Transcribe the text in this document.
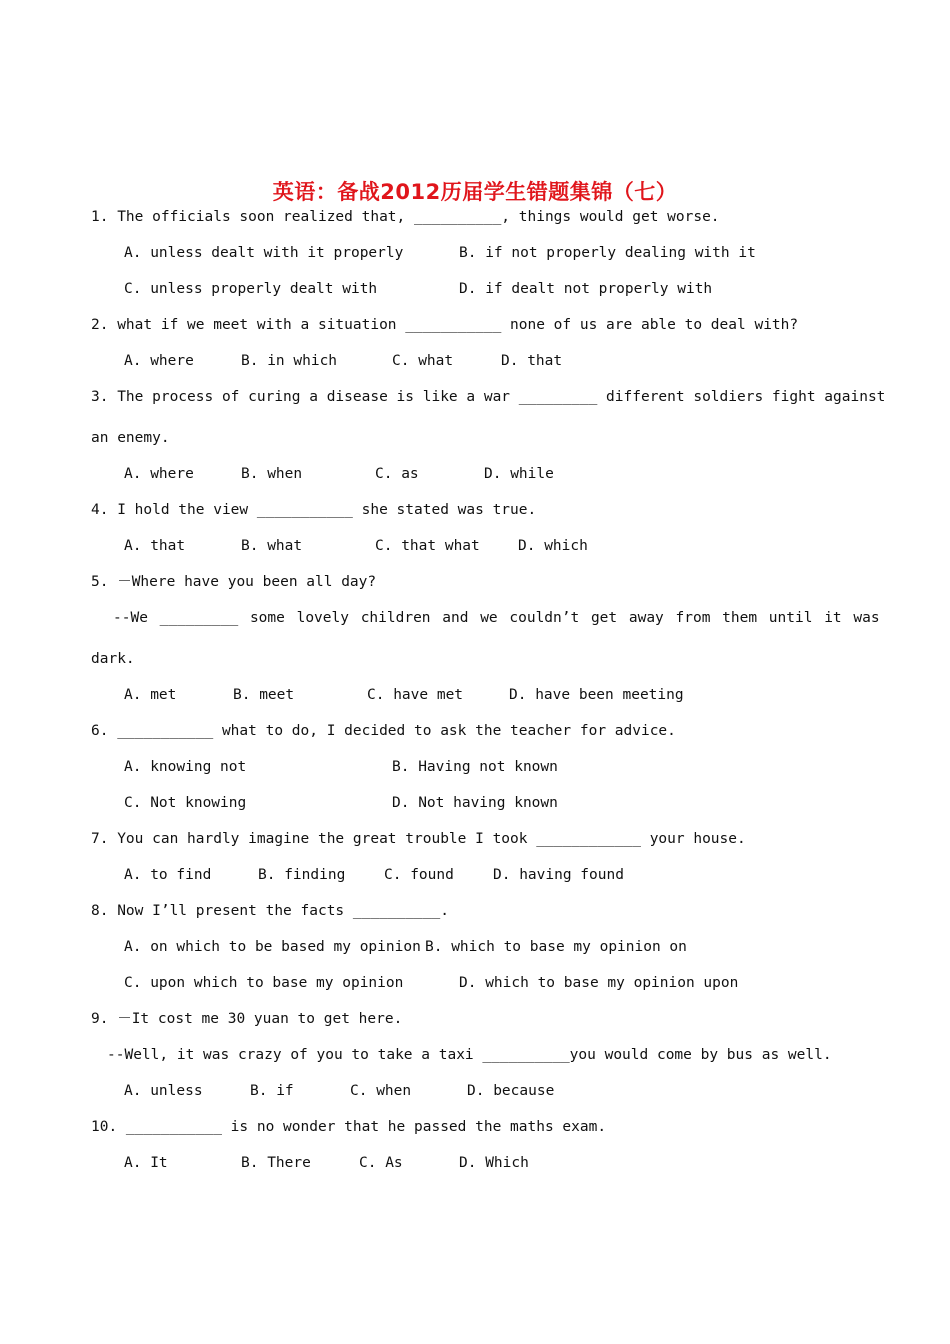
英语：备战2012历届学生错题集锦（七）
1. The officials soon realized that, __________, things would get worse.
A. unless dealt with it properly	B. if not properly dealing with it
C. unless properly dealt with	D. if dealt not properly with
2. what if we meet with a situation ___________ none of us are able to deal with?
A. where	B. in which	C. what	D. that
3. The process of curing a disease is like a war _________ different soldiers fight against
an enemy.
A. where	B. when	C. as	D. while
4. I hold the view ___________ she stated was true.
A. that	B. what	C. that what	D. which
5. －Where have you been all day?
--We _________ some lovely children and we couldn’t get away from them until it was
dark.
A. met	B. meet	C. have met	D. have been meeting
6. ___________ what to do, I decided to ask the teacher for advice.
A. knowing not	B. Having not known
C. Not knowing	D. Not having known
7. You can hardly imagine the great trouble I took ____________ your house.
A. to find	B. finding	C. found	D. having found
8. Now I’ll present the facts __________.
A. on which to be based my opinion B. which to base my opinion on
C. upon which to base my opinion	D. which to base my opinion upon
9. －It cost me 30 yuan to get here.
--Well, it was crazy of you to take a taxi __________you would come by bus as well.
A. unless	B. if	C. when	D. because
10. ___________ is no wonder that he passed the maths exam.
A. It	B. There	C. As	D. Which
